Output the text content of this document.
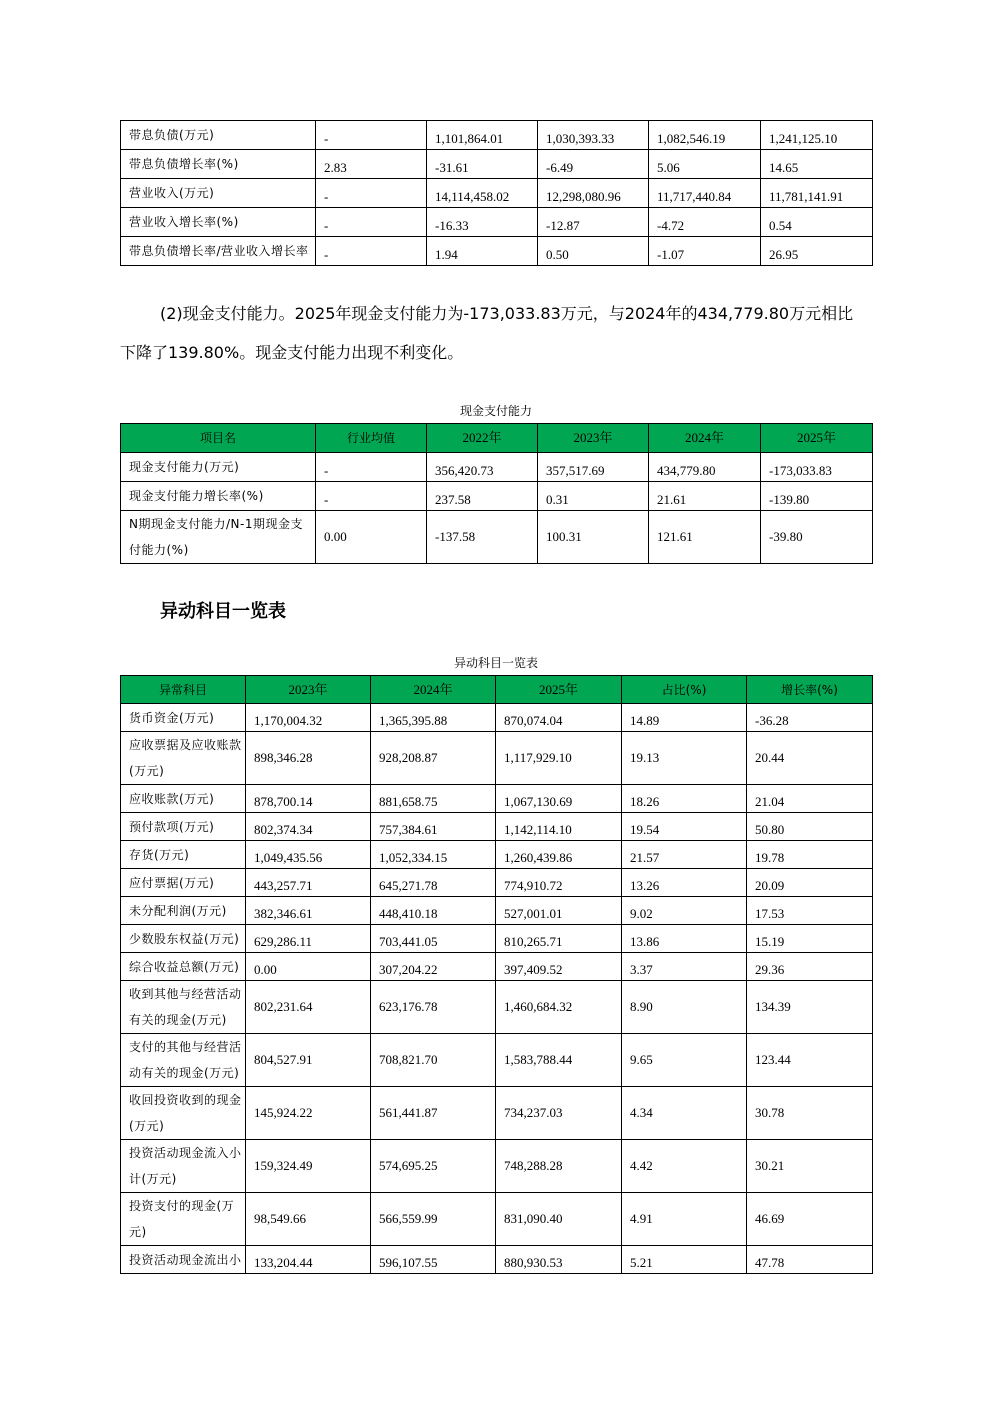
带息负债(万元)	-	1,101,864.01	1,030,393.33	1,082,546.19	1,241,125.10
带息负债增长率(%)	2.83	-31.61	-6.49	5.06	14.65
营业收入(万元)	-	14,114,458.02	12,298,080.96	11,717,440.84	11,781,141.91
营业收入增长率(%)	-	-16.33	-12.87	-4.72	0.54
带息负债增长率/营业收入增长率	-	1.94	0.50	-1.07	26.95
(2)现金支付能力。2025年现金支付能力为-173,033.83万元，与2024年的434,779.80万元相比
下降了139.80%。现金支付能力出现不利变化。
现金支付能力
项目名	行业均值	2022年	2023年	2024年	2025年
现金支付能力(万元)	-	356,420.73	357,517.69	434,779.80	-173,033.83
现金支付能力增长率(%)	-	237.58	0.31	21.61	-139.80
N期现金支付能力/N-1期现金支付能力(%)	0.00	-137.58	100.31	121.61	-39.80
异动科目一览表
异动科目一览表
异常科目	2023年	2024年	2025年	占比(%)	增长率(%)
货币资金(万元)	1,170,004.32	1,365,395.88	870,074.04	14.89	-36.28
应收票据及应收账款(万元)	898,346.28	928,208.87	1,117,929.10	19.13	20.44
应收账款(万元)	878,700.14	881,658.75	1,067,130.69	18.26	21.04
预付款项(万元)	802,374.34	757,384.61	1,142,114.10	19.54	50.80
存货(万元)	1,049,435.56	1,052,334.15	1,260,439.86	21.57	19.78
应付票据(万元)	443,257.71	645,271.78	774,910.72	13.26	20.09
未分配利润(万元)	382,346.61	448,410.18	527,001.01	9.02	17.53
少数股东权益(万元)	629,286.11	703,441.05	810,265.71	13.86	15.19
综合收益总额(万元)	0.00	307,204.22	397,409.52	3.37	29.36
收到其他与经营活动有关的现金(万元)	802,231.64	623,176.78	1,460,684.32	8.90	134.39
支付的其他与经营活动有关的现金(万元)	804,527.91	708,821.70	1,583,788.44	9.65	123.44
收回投资收到的现金(万元)	145,924.22	561,441.87	734,237.03	4.34	30.78
投资活动现金流入小计(万元)	159,324.49	574,695.25	748,288.28	4.42	30.21
投资支付的现金(万元)	98,549.66	566,559.99	831,090.40	4.91	46.69
投资活动现金流出小	133,204.44	596,107.55	880,930.53	5.21	47.78
